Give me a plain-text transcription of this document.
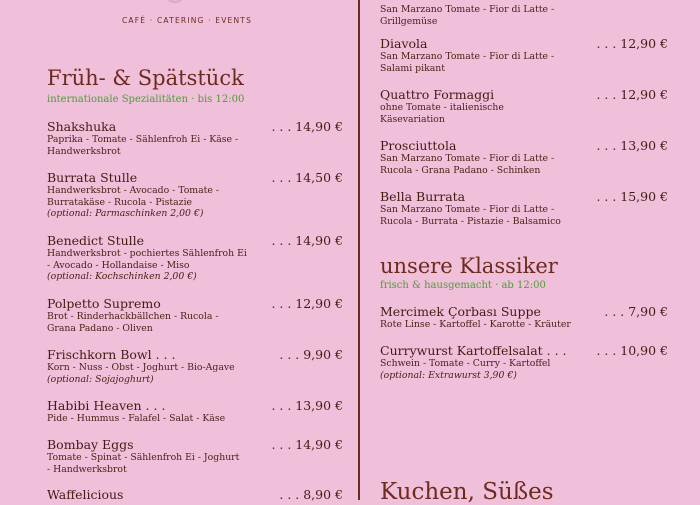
CAFÉ · CATERING · EVENTS
Früh- & Spätstück
internationale Spezialitäten · bis 12:00
Shakshuka	. . . 14,90 €
Paprika - Tomate - Sählenfroh Ei - Käse -
Handwerksbrot
Burrata Stulle	. . . 14,50 €
Handwerksbrot - Avocado - Tomate -
Burratakäse - Rucola - Pistazie
(optional: Parmaschinken 2,00 €)
Benedict Stulle	. . . 14,90 €
Handwerksbrot - pochiertes Sählenfroh Ei
- Avocado - Hollandaise - Miso
(optional: Kochschinken 2,00 €)
Polpetto Supremo	. . . 12,90 €
Brot - Rinderhackbällchen - Rucola -
Grana Padano - Oliven
Frischkorn Bowl . . .	. . . 9,90 €
Korn - Nuss - Obst - Joghurt - Bio-Agave
(optional: Sojajoghurt)
Habibi Heaven . . .	. . . 13,90 €
Pide - Hummus - Falafel - Salat - Käse
Bombay Eggs	. . . 14,90 €
Tomate - Spinat - Sählenfroh Ei - Joghurt
- Handwerksbrot
Waffelicious	. . . 8,90 €
San Marzano Tomate - Fior di Latte -
Grillgemüse
Diavola	. . . 12,90 €
San Marzano Tomate - Fior di Latte -
Salami pikant
Quattro Formaggi	. . . 12,90 €
ohne Tomate - italienische
Käsevariation
Prosciuttola	. . . 13,90 €
San Marzano Tomate - Fior di Latte -
Rucola - Grana Padano - Schinken
Bella Burrata	. . . 15,90 €
San Marzano Tomate - Fior di Latte -
Rucola - Burrata - Pistazie - Balsamico
unsere Klassiker
frisch & hausgemacht · ab 12:00
Mercimek Çorbası Suppe	. . . 7,90 €
Rote Linse - Kartoffel - Karotte - Kräuter
Currywurst Kartoffelsalat . . . . . . 10,90 €
Schwein - Tomate - Curry - Kartoffel
(optional: Extrawurst 3,90 €)
Kuchen, Süßes
